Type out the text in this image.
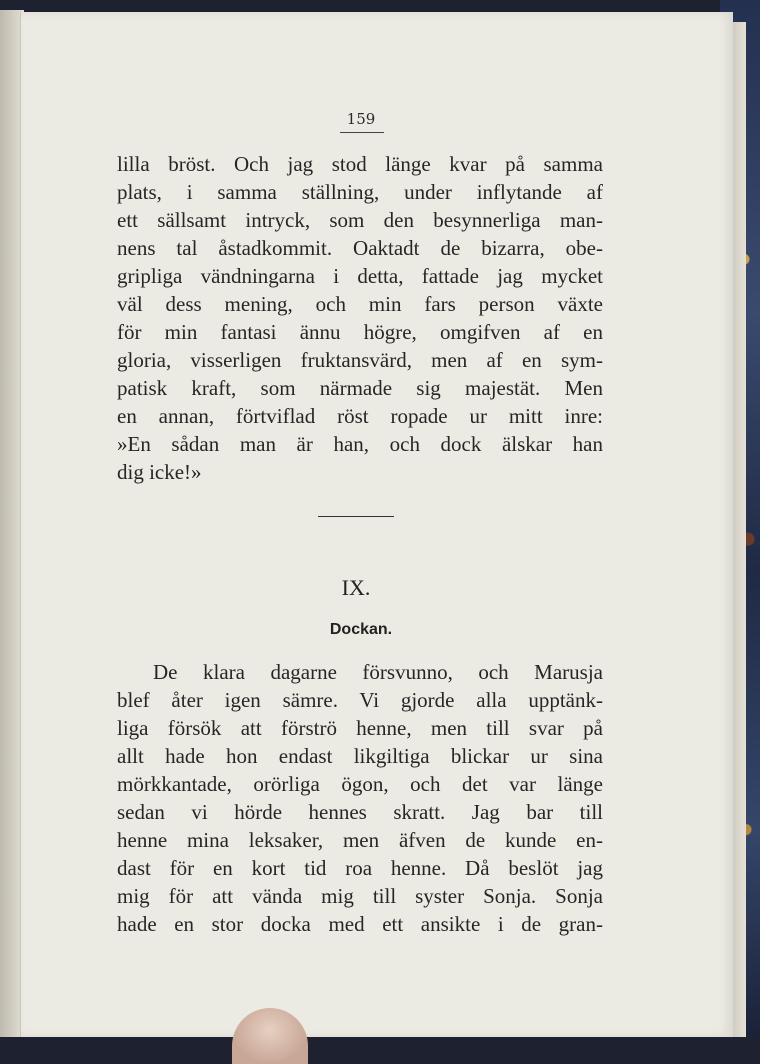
159
lilla bröst. Och jag stod länge kvar på samma
plats, i samma ställning, under inflytande af
ett sällsamt intryck, som den besynnerliga man-
nens tal åstadkommit. Oaktadt de bizarra, obe-
gripliga vändningarna i detta, fattade jag mycket
väl dess mening, och min fars person växte
för min fantasi ännu högre, omgifven af en
gloria, visserligen fruktansvärd, men af en sym-
patisk kraft, som närmade sig majestät. Men
en annan, förtviflad röst ropade ur mitt inre:
»En sådan man är han, och dock älskar han
dig icke!»
IX.
Dockan.
De klara dagarne försvunno, och Marusja
blef åter igen sämre. Vi gjorde alla upptänk-
liga försök att förströ henne, men till svar på
allt hade hon endast likgiltiga blickar ur sina
mörkkantade, orörliga ögon, och det var länge
sedan vi hörde hennes skratt. Jag bar till
henne mina leksaker, men äfven de kunde en-
dast för en kort tid roa henne. Då beslöt jag
mig för att vända mig till syster Sonja. Sonja
hade en stor docka med ett ansikte i de gran-
